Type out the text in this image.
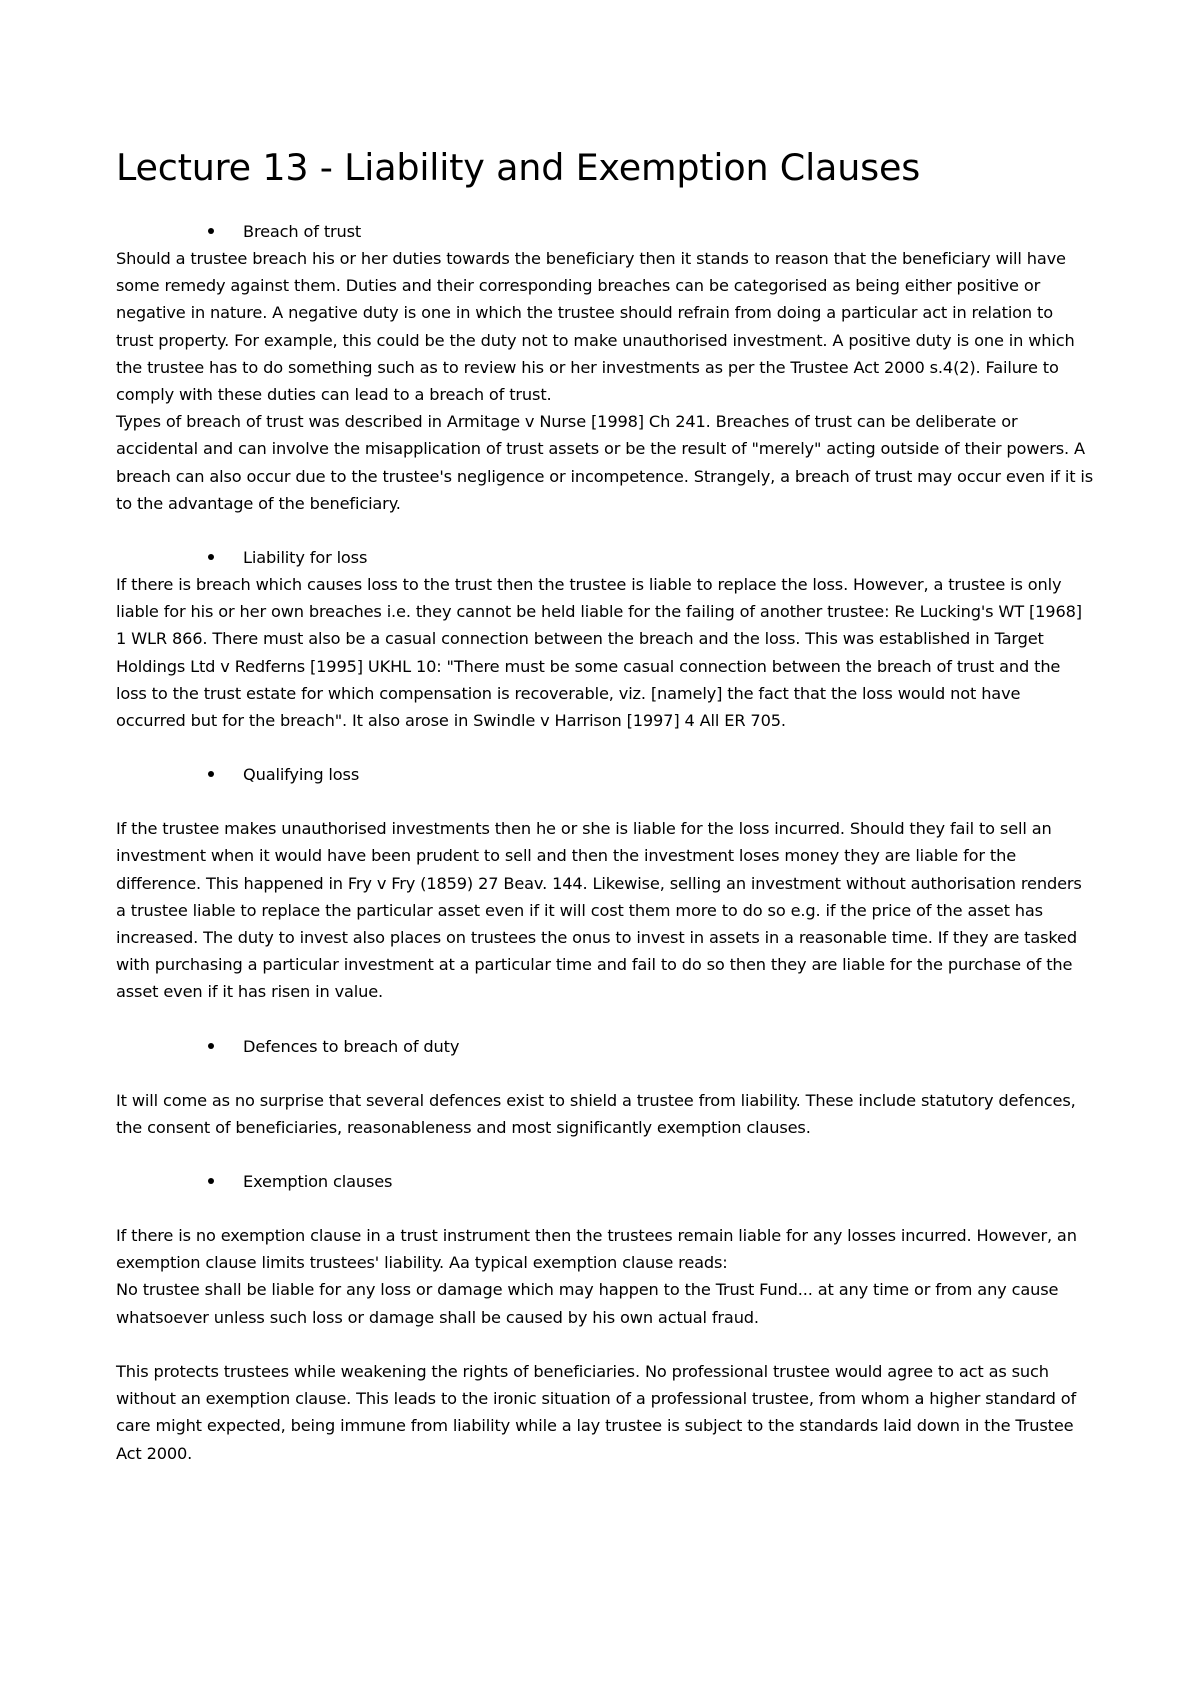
Lecture 13 - Liability and Exemption Clauses
Breach of trust

Should a trustee breach his or her duties towards the beneficiary then it stands to reason that the beneficiary will have some remedy against them. Duties and their corresponding breaches can be categorised as being either positive or negative in nature. A negative duty is one in which the trustee should refrain from doing a particular act in relation to trust property. For example, this could be the duty not to make unauthorised investment. A positive duty is one in which the trustee has to do something such as to review his or her investments as per the Trustee Act 2000 s.4(2). Failure to comply with these duties can lead to a breach of trust.

Types of breach of trust was described in Armitage v Nurse [1998] Ch 241. Breaches of trust can be deliberate or accidental and can involve the misapplication of trust assets or be the result of "merely" acting outside of their powers. A breach can also occur due to the trustee's negligence or incompetence. Strangely, a breach of trust may occur even if it is to the advantage of the beneficiary.

Liability for loss

If there is breach which causes loss to the trust then the trustee is liable to replace the loss. However, a trustee is only liable for his or her own breaches i.e. they cannot be held liable for the failing of another trustee: Re Lucking's WT [1968] 1 WLR 866. There must also be a casual connection between the breach and the loss. This was established in Target Holdings Ltd v Redferns [1995] UKHL 10: "There must be some casual connection between the breach of trust and the loss to the trust estate for which compensation is recoverable, viz. [namely] the fact that the loss would not have occurred but for the breach". It also arose in Swindle v Harrison [1997] 4 All ER 705.

Qualifying loss

If the trustee makes unauthorised investments then he or she is liable for the loss incurred. Should they fail to sell an investment when it would have been prudent to sell and then the investment loses money they are liable for the difference. This happened in Fry v Fry (1859) 27 Beav. 144. Likewise, selling an investment without authorisation renders a trustee liable to replace the particular asset even if it will cost them more to do so e.g. if the price of the asset has increased. The duty to invest also places on trustees the onus to invest in assets in a reasonable time. If they are tasked with purchasing a particular investment at a particular time and fail to do so then they are liable for the purchase of the asset even if it has risen in value.

Defences to breach of duty

It will come as no surprise that several defences exist to shield a trustee from liability. These include statutory defences, the consent of beneficiaries, reasonableness and most significantly exemption clauses.

Exemption clauses

If there is no exemption clause in a trust instrument then the trustees remain liable for any losses incurred. However, an exemption clause limits trustees' liability. Aa typical exemption clause reads:

No trustee shall be liable for any loss or damage which may happen to the Trust Fund... at any time or from any cause whatsoever unless such loss or damage shall be caused by his own actual fraud.

This protects trustees while weakening the rights of beneficiaries. No professional trustee would agree to act as such without an exemption clause. This leads to the ironic situation of a professional trustee, from whom a higher standard of care might expected, being immune from liability while a lay trustee is subject to the standards laid down in the Trustee Act 2000.
